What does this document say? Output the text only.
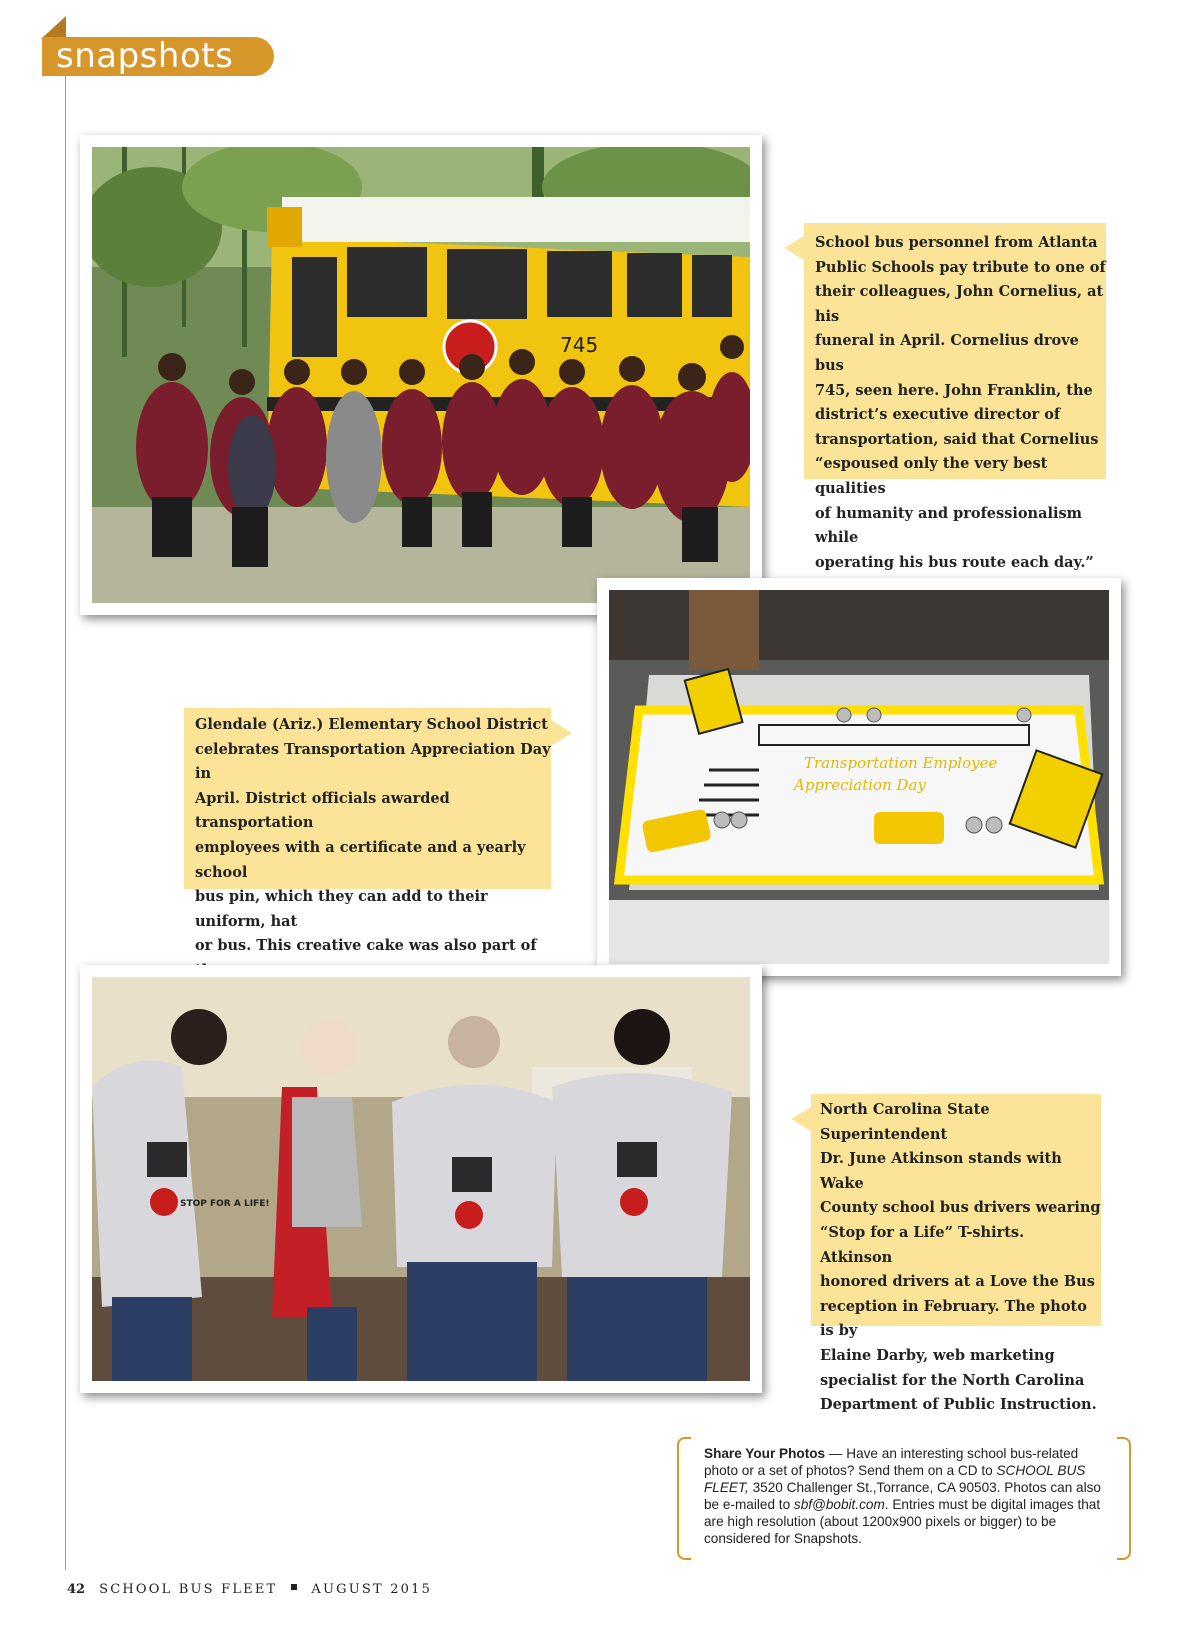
snapshots
745
School bus personnel from Atlanta
Public Schools pay tribute to one of
their colleagues, John Cornelius, at his
funeral in April. Cornelius drove bus
745, seen here. John Franklin, the
district’s executive director of
transportation, said that Cornelius
“espoused only the very best qualities
of humanity and professionalism while
operating his bus route each day.”
Transportation Employee
Appreciation Day
Glendale (Ariz.) Elementary School District
celebrates Transportation Appreciation Day in
April. District officials awarded transportation
employees with a certificate and a yearly school
bus pin, which they can add to their uniform, hat
or bus. This creative cake was also part of

STOP FOR A LIFE!
North Carolina State Superintendent
Dr. June Atkinson stands with Wake
County school bus drivers wearing
“Stop for a Life” T-shirts. Atkinson
honored drivers at a Love the Bus
reception in February. The photo is by
Elaine Darby, web marketing
specialist for the North Carolina
Department of Public Instruction.
Share Your Photos — Have an interesting school bus-related photo or a set of photos? Send them on a CD to SCHOOL BUS FLEET, 3520 Challenger St.,Torrance, CA 90503. Photos can also be e-mailed to sbf@bobit.com. Entries must be digital images that are high resolution (about 1200x900 pixels or bigger) to be considered for Snapshots.
42 SCHOOL BUS FLEET	AUGUST 2015
